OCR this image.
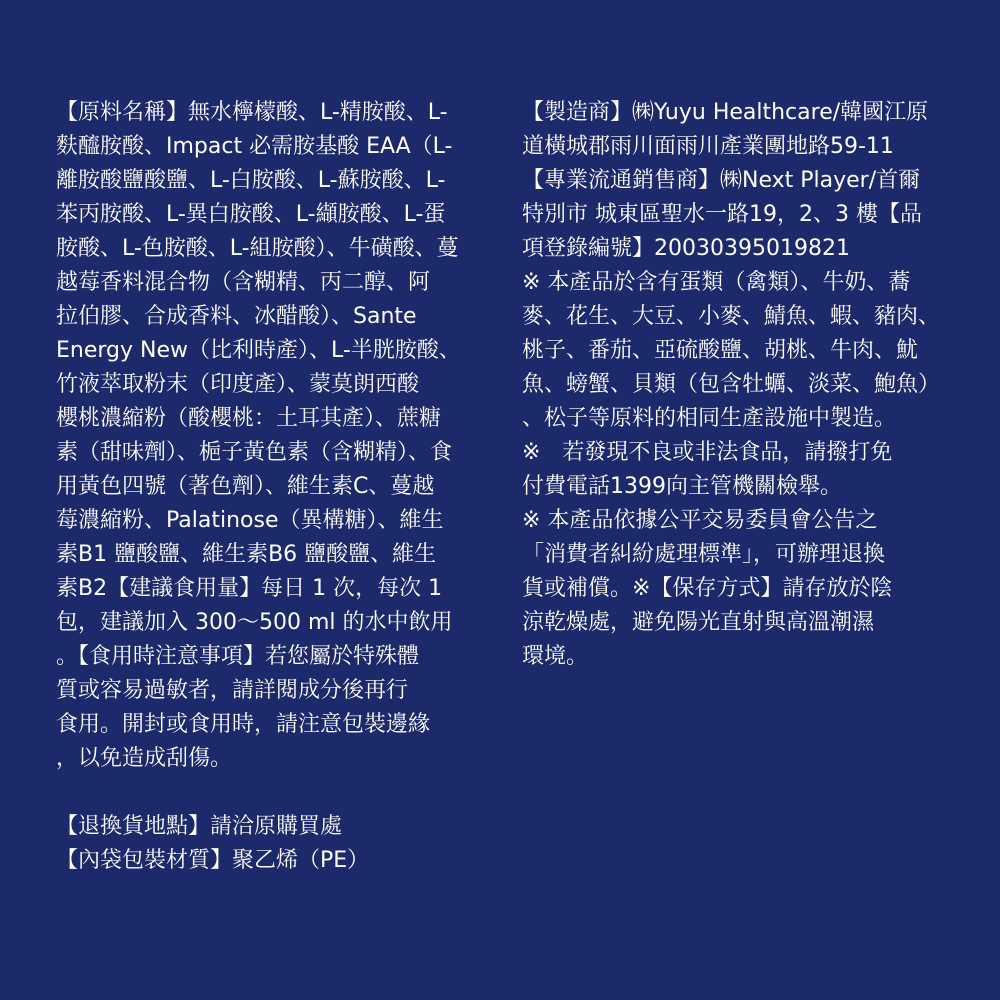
【原料名稱】無水檸檬酸、L-精胺酸、L-
麩醯胺酸、Impact 必需胺基酸 EAA（L-
離胺酸鹽酸鹽、L-白胺酸、L-蘇胺酸、L-
苯丙胺酸、L-異白胺酸、L-纈胺酸、L-蛋
胺酸、L-色胺酸、L-組胺酸）、牛磺酸、蔓
越莓香料混合物（含糊精、丙二醇、阿
拉伯膠、合成香料、冰醋酸）、Sante
Energy New（比利時產）、L-半胱胺酸、
竹液萃取粉末（印度產）、蒙莫朗西酸
櫻桃濃縮粉（酸櫻桃：土耳其產）、蔗糖
素（甜味劑）、梔子黃色素（含糊精）、食
用黃色四號（著色劑）、維生素C、蔓越
莓濃縮粉、Palatinose（異構糖）、維生
素B1 鹽酸鹽、維生素B6 鹽酸鹽、維生
素B2【建議食用量】每日 1 次，每次 1
包，建議加入 300～500 ml 的水中飲用
。【食用時注意事項】若您屬於特殊體
質或容易過敏者，請詳閱成分後再行
食用。開封或食用時，請注意包裝邊緣
，以免造成刮傷。
【退換貨地點】請洽原購買處
【內袋包裝材質】聚乙烯（PE）
【製造商】㈱Yuyu Healthcare/韓國江原
道橫城郡雨川面雨川產業團地路59-11
【專業流通銷售商】㈱Next Player/首爾
特別市 城東區聖水一路19，2、3 樓【品
項登錄編號】20030395019821
※ 本產品於含有蛋類（禽類）、牛奶、蕎
麥、花生、大豆、小麥、鯖魚、蝦、豬肉、
桃子、番茄、亞硫酸鹽、胡桃、牛肉、魷
魚、螃蟹、貝類（包含牡蠣、淡菜、鮑魚）
、松子等原料的相同生產設施中製造。
※　若發現不良或非法食品，請撥打免
付費電話1399向主管機關檢舉。
※ 本產品依據公平交易委員會公告之
「消費者糾紛處理標準」，可辦理退換
貨或補償。※【保存方式】請存放於陰
涼乾燥處，避免陽光直射與高溫潮濕
環境。
